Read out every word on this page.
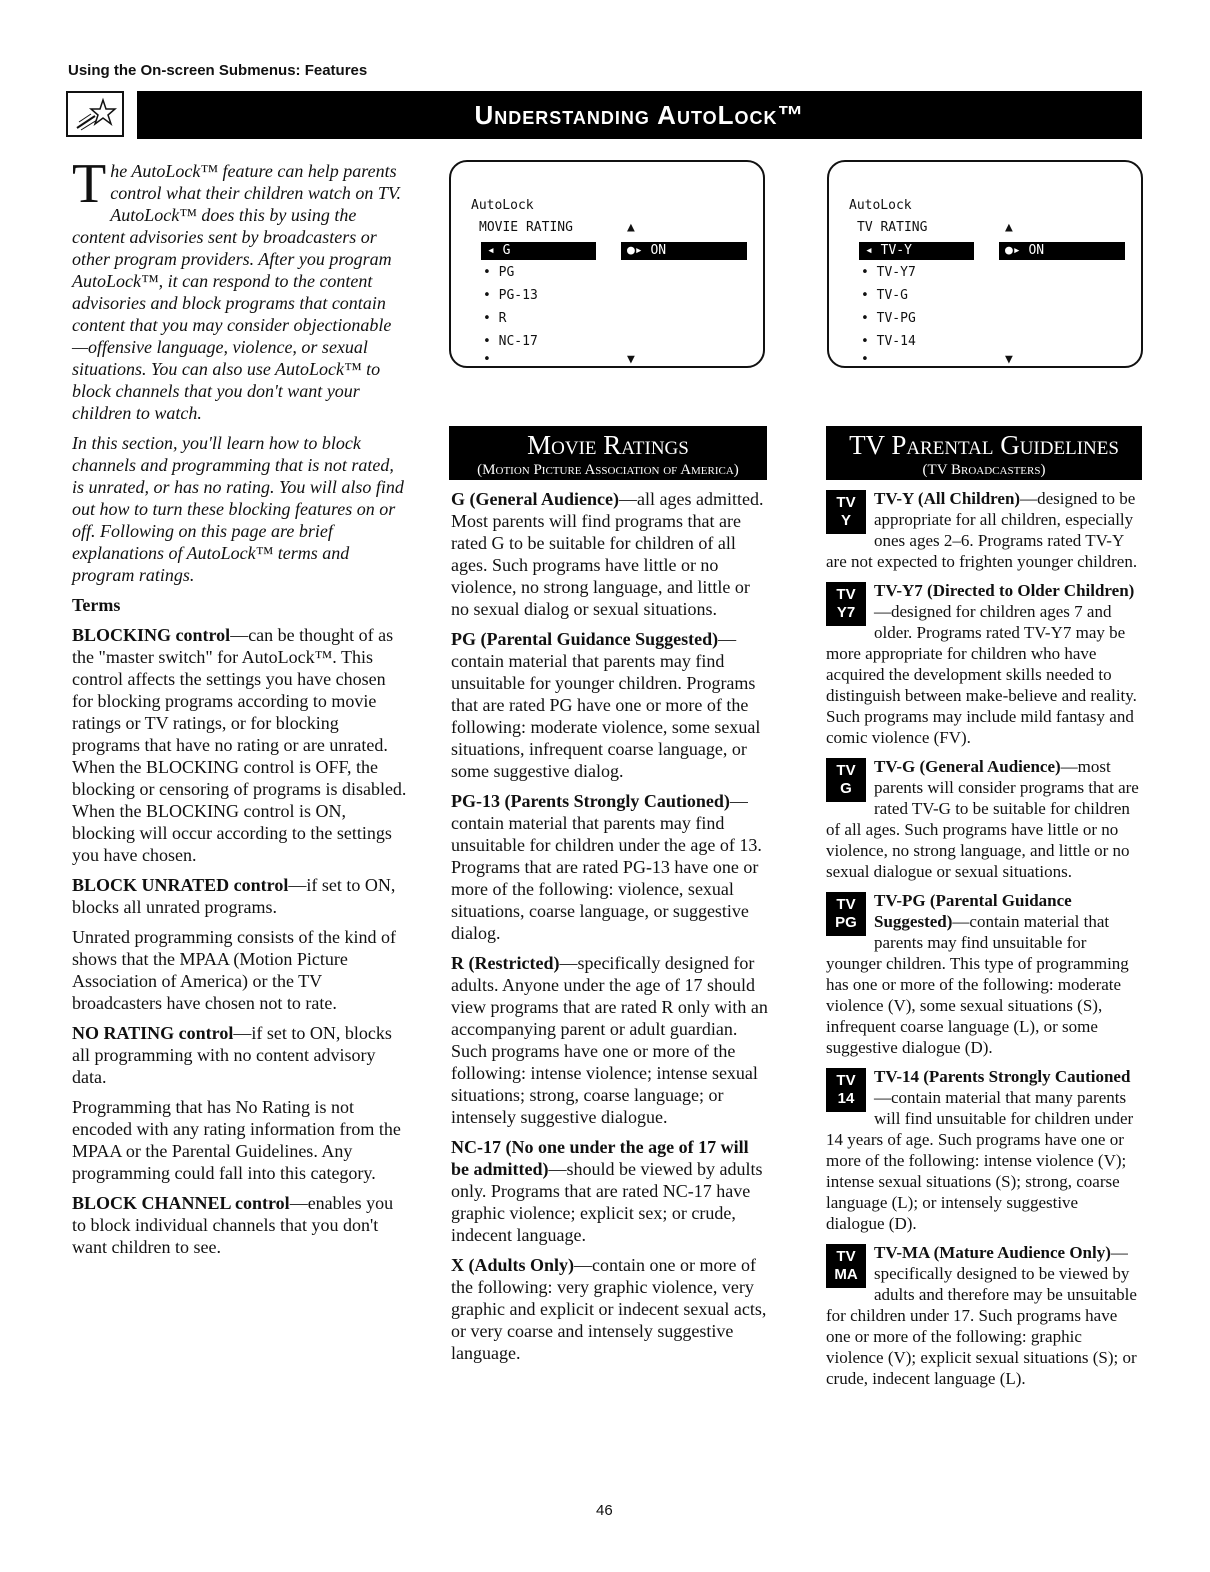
Using the On-screen Submenus: Features
Understanding AutoLock™

The AutoLock™ feature can help parents control what their children watch on TV. AutoLock™ does this by using the content advisories sent by broadcasters or other program providers. After you program AutoLock™, it can respond to the content advisories and block programs that contain content that you may consider objectionable—offensive language, violence, or sexual situations. You can also use AutoLock™ to block channels that you don't want your children to watch.

In this section, you'll learn how to block channels and programming that is not rated, is unrated, or has no rating. You will also find out how to turn these blocking features on or off. Following on this page are brief explanations of AutoLock™ terms and program ratings.

Terms

BLOCKING control—can be thought of as the "master switch" for AutoLock™. This control affects the settings you have chosen for blocking programs according to movie ratings or TV ratings, or for blocking programs that have no rating or are unrated. When the BLOCKING control is OFF, the blocking or censoring of programs is disabled. When the BLOCKING control is ON, blocking will occur according to the settings you have chosen.

BLOCK UNRATED control—if set to ON, blocks all unrated programs.

Unrated programming consists of the kind of shows that the MPAA (Motion Picture Association of America) or the TV broadcasters have chosen not to rate.

NO RATING control—if set to ON, blocks all programming with no content advisory data.

Programming that has No Rating is not encoded with any rating information from the MPAA or the Parental Guidelines. Any programming could fall into this category.

BLOCK CHANNEL control—enables you to block individual channels that you don't want children to see.

AutoLock
MOVIE RATING	▲
◂ G	●▸ ON
• PG
• PG-13
• R
• NC-17
•	▼
AutoLock
TV RATING	▲
◂ TV-Y	●▸ ON
• TV-Y7
• TV-G
• TV-PG
• TV-14
•	▼
Movie Ratings
(Motion Picture Association of America)

G (General Audience)—all ages admitted. Most parents will find programs that are rated G to be suitable for children of all ages. Such programs have little or no violence, no strong language, and little or no sexual dialog or sexual situations.

PG (Parental Guidance Suggested)—contain material that parents may find unsuitable for younger children. Programs that are rated PG have one or more of the following: moderate violence, some sexual situations, infrequent coarse language, or some suggestive dialog.

PG-13 (Parents Strongly Cautioned)—contain material that parents may find unsuitable for children under the age of 13. Programs that are rated PG-13 have one or more of the following: violence, sexual situations, coarse language, or suggestive dialog.

R (Restricted)—specifically designed for adults. Anyone under the age of 17 should view programs that are rated R only with an accompanying parent or adult guardian. Such programs have one or more of the following: intense violence; intense sexual situations; strong, coarse language; or intensely suggestive dialogue.

NC-17 (No one under the age of 17 will be admitted)—should be viewed by adults only. Programs that are rated NC-17 have graphic violence; explicit sex; or crude, indecent language.

X (Adults Only)—contain one or more of the following: very graphic violence, very graphic and explicit or indecent sexual acts, or very coarse and intensely suggestive language.

TV Parental Guidelines
(TV Broadcasters)
TV
Y
TV-Y (All Children)—designed to be appropriate for all children, especially ones ages 2–6. Programs rated TV-Y are not expected to frighten younger children.
TV
Y7
TV-Y7 (Directed to Older Children)—designed for children ages 7 and older. Programs rated TV-Y7 may be more appropriate for children who have acquired the development skills needed to distinguish between make-believe and reality. Such programs may include mild fantasy and comic violence (FV).
TV
G
TV-G (General Audience)—most parents will consider programs that are rated TV-G to be suitable for children of all ages. Such programs have little or no violence, no strong language, and little or no sexual dialogue or sexual situations.
TV
PG
TV-PG (Parental Guidance Suggested)—contain material that parents may find unsuitable for younger children. This type of programming has one or more of the following: moderate violence (V), some sexual situations (S), infrequent coarse language (L), or some suggestive dialogue (D).
TV
14
TV-14 (Parents Strongly Cautioned—contain material that many parents will find unsuitable for children under 14 years of age. Such programs have one or more of the following: intense violence (V); intense sexual situations (S); strong, coarse language (L); or intensely suggestive dialogue (D).
TV
MA
TV-MA (Mature Audience Only)—specifically designed to be viewed by adults and therefore may be unsuitable for children under 17. Such programs have one or more of the following: graphic violence (V); explicit sexual situations (S); or crude, indecent language (L).
46
